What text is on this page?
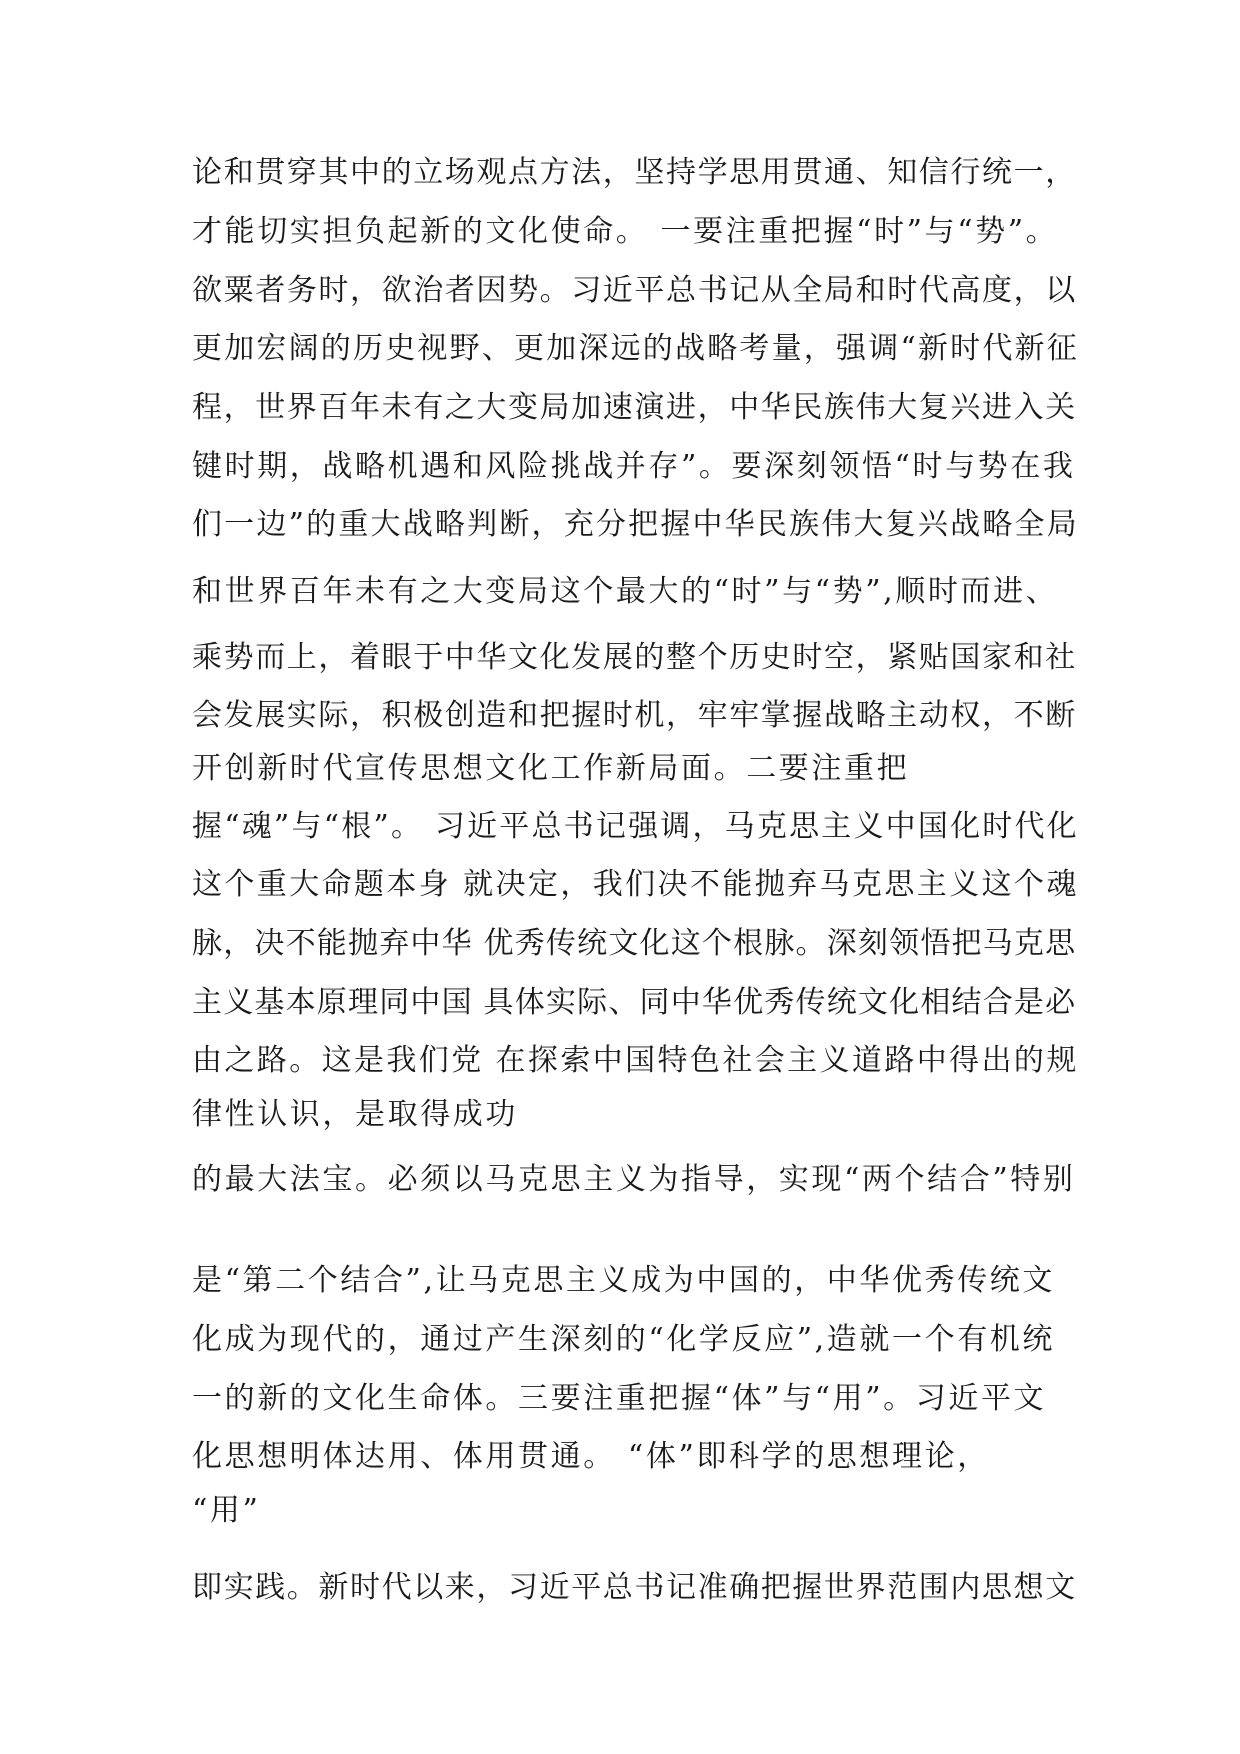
论和贯穿其中的立场观点方法，坚持学思用贯通、知信行统一，
才能切实担负起新的文化使命。 一要注重把握“时”与“势”。
欲粟者务时，欲治者因势。习近平总书记从全局和时代高度，以
更加宏阔的历史视野、更加深远的战略考量，强调“新时代新征
程，世界百年未有之大变局加速演进，中华民族伟大复兴进入关
键时期，战略机遇和风险挑战并存”。要深刻领悟“时与势在我
们一边”的重大战略判断，充分把握中华民族伟大复兴战略全局
和世界百年未有之大变局这个最大的“时”与“势”,顺时而进、
乘势而上，着眼于中华文化发展的整个历史时空，紧贴国家和社
会发展实际，积极创造和把握时机，牢牢掌握战略主动权，不断
开创新时代宣传思想文化工作新局面。二要注重把
握“魂”与“根”。 习近平总书记强调，马克思主义中国化时代化
这个重大命题本身 就决定，我们决不能抛弃马克思主义这个魂
脉，决不能抛弃中华 优秀传统文化这个根脉。深刻领悟把马克思
主义基本原理同中国 具体实际、同中华优秀传统文化相结合是必
由之路。这是我们党 在探索中国特色社会主义道路中得出的规
律性认识，是取得成功
的最大法宝。必须以马克思主义为指导，实现“两个结合”特别
是“第二个结合”,让马克思主义成为中国的，中华优秀传统文
化成为现代的，通过产生深刻的“化学反应”,造就一个有机统
一的新的文化生命体。三要注重把握“体”与“用”。习近平文
化思想明体达用、体用贯通。 “体”即科学的思想理论，
“用”
即实践。新时代以来，习近平总书记准确把握世界范围内思想文
